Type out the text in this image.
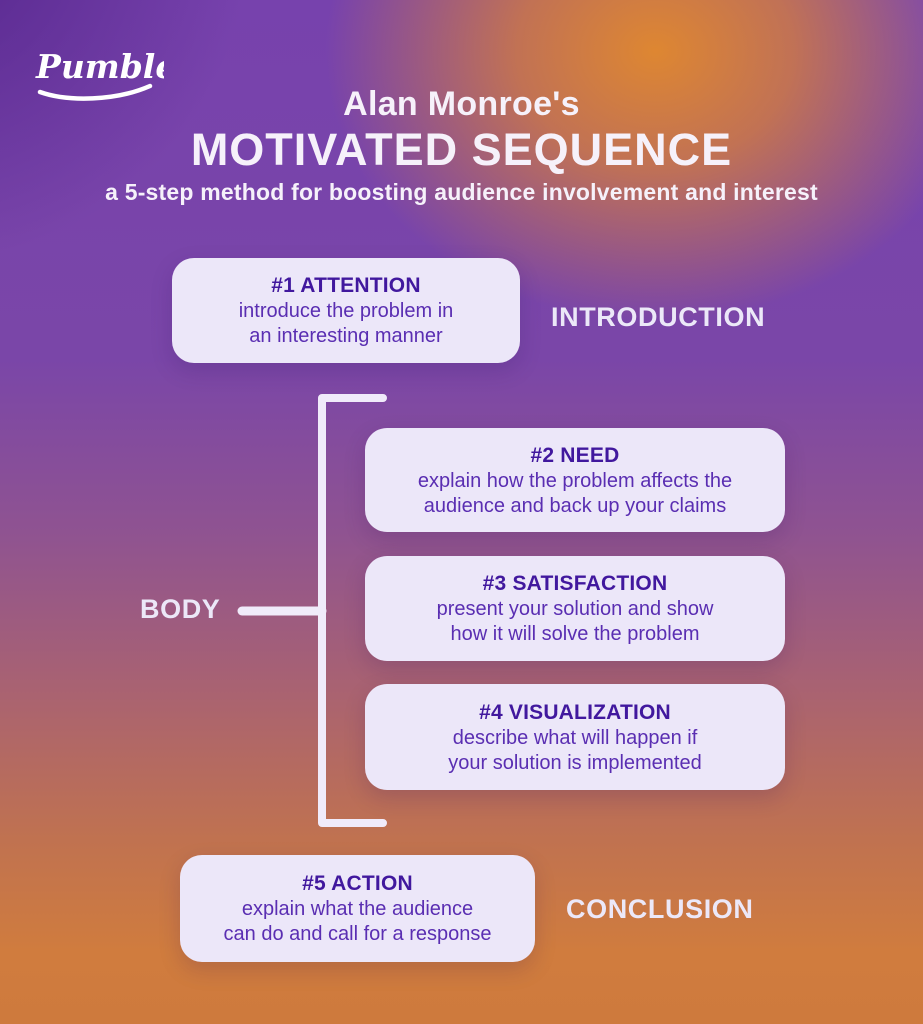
Pumble
Alan Monroe's
MOTIVATED SEQUENCE
a 5-step method for boosting audience involvement and interest
#1 ATTENTION
introduce the problem in
an interesting manner
INTRODUCTION
BODY
#2 NEED
explain how the problem affects the
audience and back up your claims
#3 SATISFACTION
present your solution and show
how it will solve the problem
#4 VISUALIZATION
describe what will happen if
your solution is implemented
#5 ACTION
explain what the audience
can do and call for a response
CONCLUSION
